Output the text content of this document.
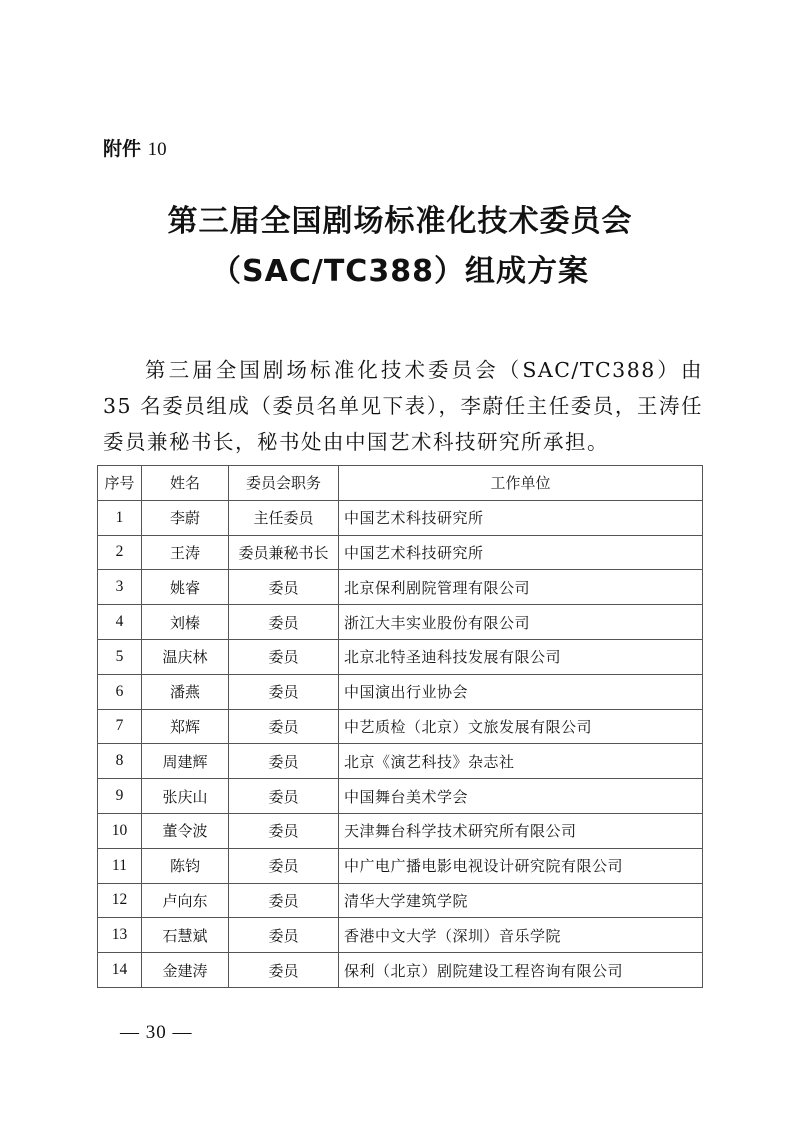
附件 10
第三届全国剧场标准化技术委员会
（SAC/TC388）组成方案

第三届全国剧场标准化技术委员会（SAC/TC388）由 35 名委员组成（委员名单见下表），李蔚任主任委员，王涛任委员兼秘书长，秘书处由中国艺术科技研究所承担。

序号	姓名	委员会职务	工作单位
1	李蔚	主任委员	中国艺术科技研究所
2	王涛	委员兼秘书长	中国艺术科技研究所
3	姚睿	委员	北京保利剧院管理有限公司
4	刘榛	委员	浙江大丰实业股份有限公司
5	温庆林	委员	北京北特圣迪科技发展有限公司
6	潘燕	委员	中国演出行业协会
7	郑辉	委员	中艺质检（北京）文旅发展有限公司
8	周建辉	委员	北京《演艺科技》杂志社
9	张庆山	委员	中国舞台美术学会
10	董令波	委员	天津舞台科学技术研究所有限公司
11	陈钧	委员	中广电广播电影电视设计研究院有限公司
12	卢向东	委员	清华大学建筑学院
13	石慧斌	委员	香港中文大学（深圳）音乐学院
14	金建涛	委员	保利（北京）剧院建设工程咨询有限公司
— 30 —
